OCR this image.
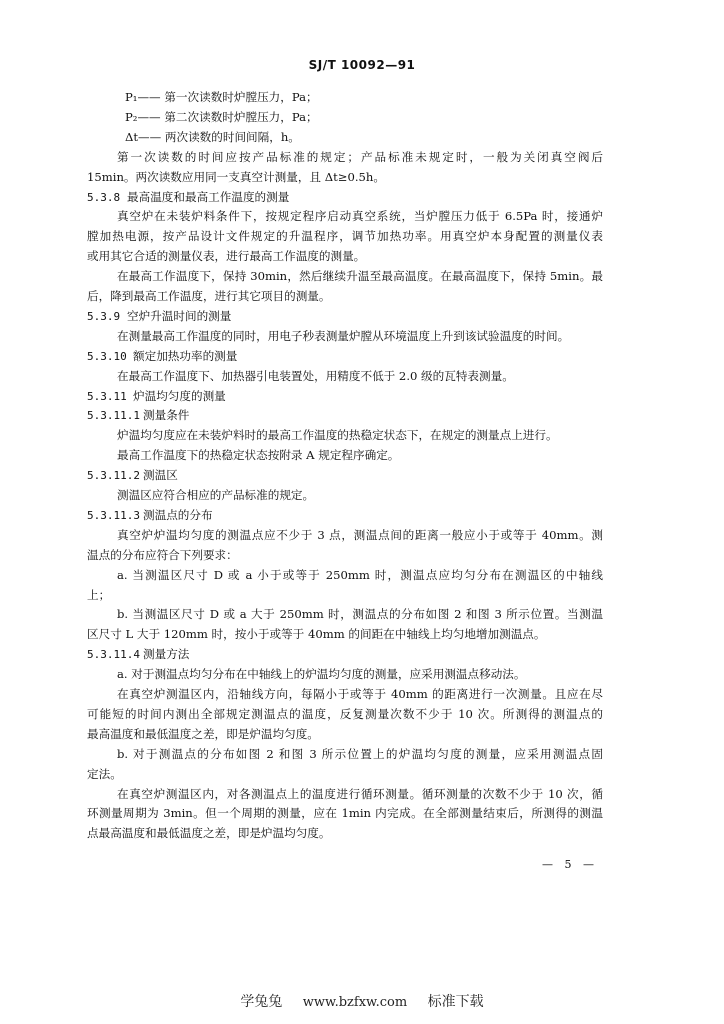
SJ/T 10092—91
P₁—— 第一次读数时炉膛压力，Pa；
P₂—— 第二次读数时炉膛压力，Pa；
Δt—— 两次读数的时间间隔，h。
第一次读数的时间应按产品标准的规定；产品标准未规定时，一般为关闭真空阀后
15min。两次读数应用同一支真空计测量，且 Δt≥0.5h。
5.3.8 最高温度和最高工作温度的测量
真空炉在未装炉料条件下，按规定程序启动真空系统，当炉膛压力低于 6.5Pa 时，接通炉
膛加热电源，按产品设计文件规定的升温程序，调节加热功率。用真空炉本身配置的测量仪表
或用其它合适的测量仪表，进行最高工作温度的测量。
在最高工作温度下，保持 30min，然后继续升温至最高温度。在最高温度下，保持 5min。最
后，降到最高工作温度，进行其它项目的测量。
5.3.9 空炉升温时间的测量
在测量最高工作温度的同时，用电子秒表测量炉膛从环境温度上升到该试验温度的时间。
5.3.10 额定加热功率的测量
在最高工作温度下、加热器引电装置处，用精度不低于 2.0 级的瓦特表测量。
5.3.11 炉温均匀度的测量
5.3.11.1 测量条件
炉温均匀度应在未装炉料时的最高工作温度的热稳定状态下，在规定的测量点上进行。
最高工作温度下的热稳定状态按附录 A 规定程序确定。
5.3.11.2 测温区
测温区应符合相应的产品标准的规定。
5.3.11.3 测温点的分布
真空炉炉温均匀度的测温点应不少于 3 点，测温点间的距离一般应小于或等于 40mm。测
温点的分布应符合下列要求：
a. 当测温区尺寸 D 或 a 小于或等于 250mm 时，测温点应均匀分布在测温区的中轴线
上；
b. 当测温区尺寸 D 或 a 大于 250mm 时，测温点的分布如图 2 和图 3 所示位置。当测温
区尺寸 L 大于 120mm 时，按小于或等于 40mm 的间距在中轴线上均匀地增加测温点。
5.3.11.4 测量方法
a. 对于测温点均匀分布在中轴线上的炉温均匀度的测量，应采用测温点移动法。
在真空炉测温区内，沿轴线方向，每隔小于或等于 40mm 的距离进行一次测量。且应在尽
可能短的时间内测出全部规定测温点的温度，反复测量次数不少于 10 次。所测得的测温点的
最高温度和最低温度之差，即是炉温均匀度。
b. 对于测温点的分布如图 2 和图 3 所示位置上的炉温均匀度的测量，应采用测温点固
定法。
在真空炉测温区内，对各测温点上的温度进行循环测量。循环测量的次数不少于 10 次，循
环测量周期为 3min。但一个周期的测量，应在 1min 内完成。在全部测量结束后，所测得的测温
点最高温度和最低温度之差，即是炉温均匀度。
— 5 —
学兔兔 www.bzfxw.com 标准下载
